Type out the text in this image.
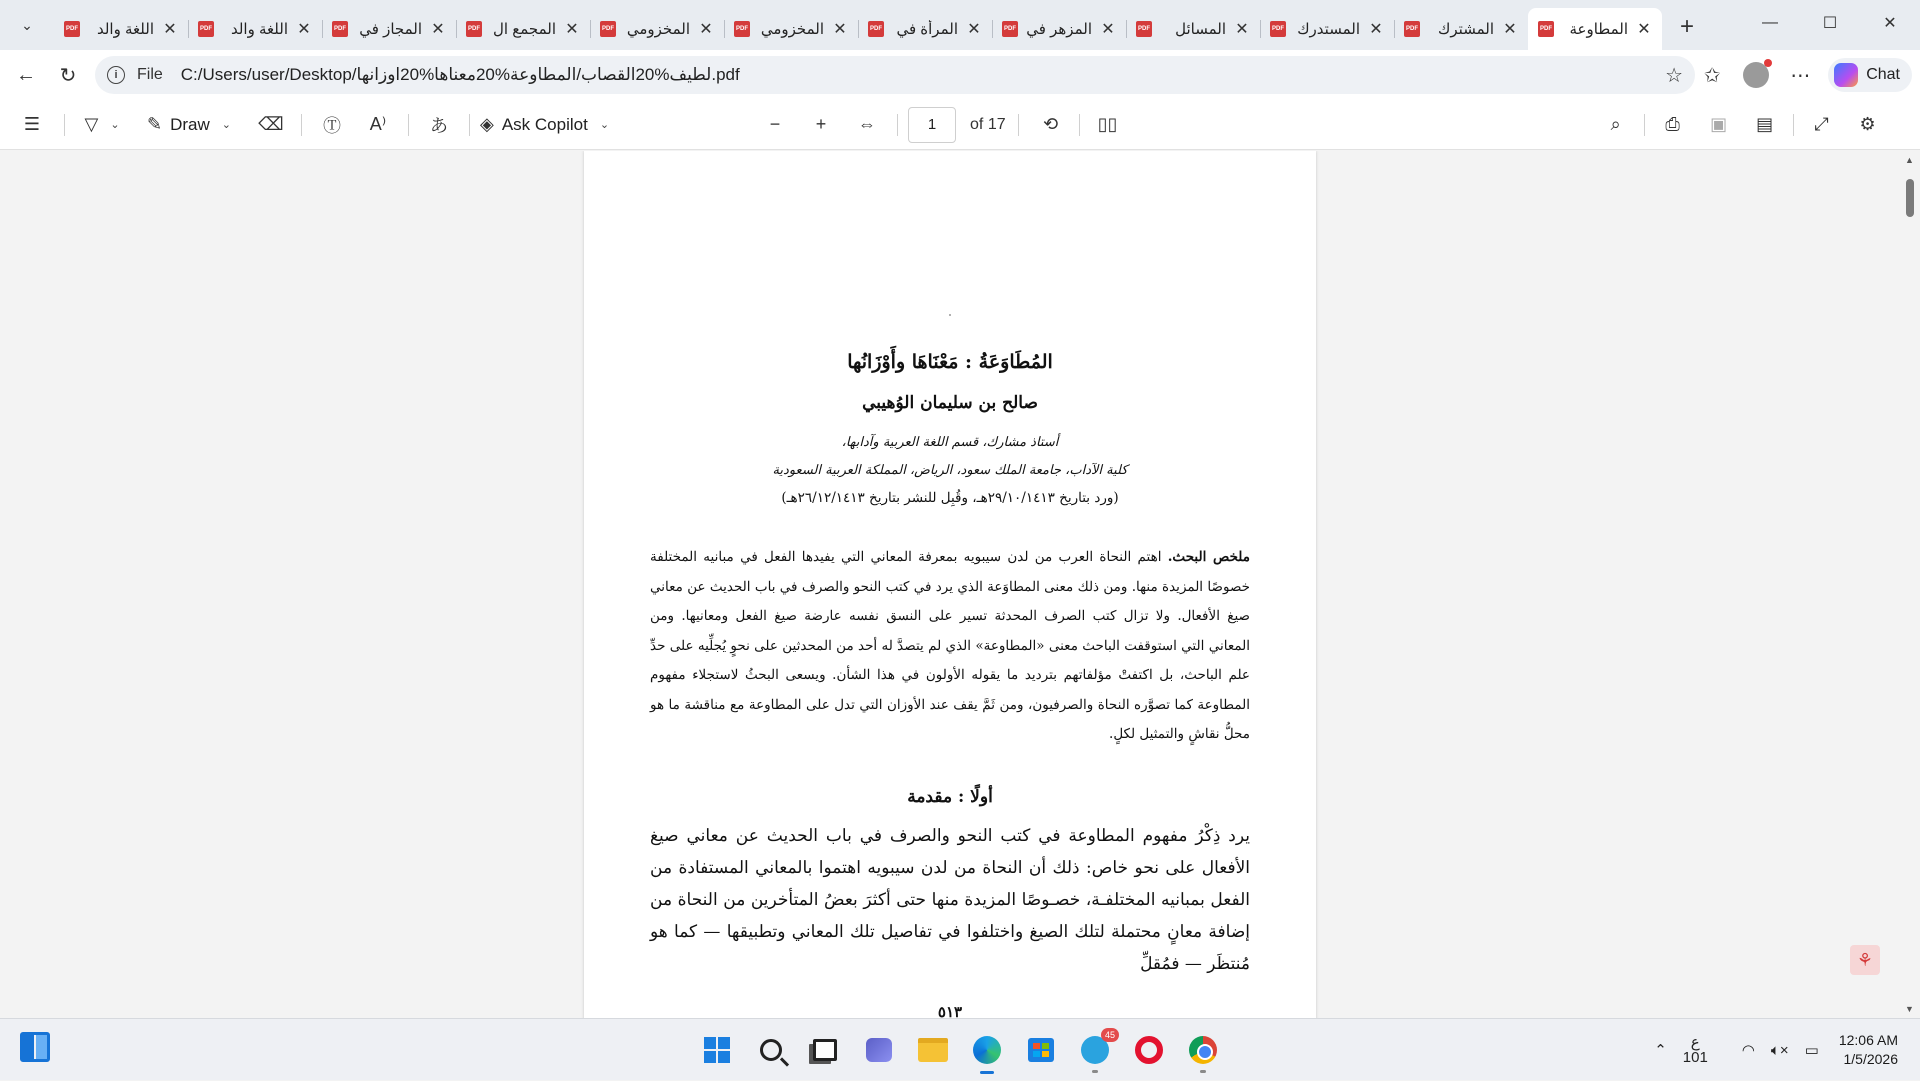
⌄	PDF	اللغة والد ✕	PDF	اللغة والد ✕	PDF المجاز في ✕	PDF المجمع ال ✕	PDF المخزومي ✕	PDF المخزومي ✕	PDF المرأة في ✕	PDF المزهر في ✕	PDF	المسائل ✕	PDF المستدرك ✕	PDF	المشترك ✕	PDF	المطاوعة ✕ +	—	☐	✕
← ↻	i	File C:/Users/user/Desktop/لطيف%20القصاب/المطاوعة%20معناها%20اوزانها.pdf	☆ ✩	⋯	Chat
☰ ▽ ⌄ ✎ Draw ⌄ ⌫ Ⓣ A⁾ あ ◈ Ask Copilot ⌄	− + ⇔
1	of 17 ⟲ ▯▯	⌕ ⎙ ▣ ▤ ⤢ ⚙
المُطَاوَعَةُ : مَعْنَاهَا وأَوْزَانُها
صالح بن سليمان الوُهيبي
أستاذ مشارك، قسم اللغة العربية وآدابها،
كلية الآداب، جامعة الملك سعود، الرياض، المملكة العربية السعودية
(ورد بتاريخ ٢٩/١٠/١٤١٣هـ، وقُبِل للنشر بتاريخ ٢٦/١٢/١٤١٣هـ)
ملخص البحث. اهتم النحاة العرب من لدن سيبويه بمعرفة المعاني التي يفيدها الفعل في مبانيه المختلفة خصوصًا المزيدة منها. ومن ذلك معنى المطاوَعة الذي يرد في كتب النحو والصرف في باب الحديث عن معاني صيغ الأفعال. ولا تزال كتب الصرف المحدثة تسير على النسق نفسه عارضة صيغ الفعل ومعانيها. ومن المعاني التي استوقفت الباحث معنى «المطاوعة» الذي لم يتصدَّ له أحد من المحدثين على نحوٍ يُجلِّيه على حدِّ علم الباحث، بل اكتفتْ مؤلفاتهم بترديد ما يقوله الأولون في هذا الشأن. ويسعى البحثُ لاستجلاء مفهوم المطاوعة كما تصوَّره النحاة والصرفيون، ومن ثَمَّ يقف عند الأوزان التي تدل على المطاوعة مع مناقشة ما هو محلُّ نقاشٍ والتمثيل لكلٍ.
أولًا : مقدمة
يرد ذِكْرُ مفهوم المطاوعة في كتب النحو والصرف في باب الحديث عن معاني صيغ الأفعال على نحو خاص: ذلك أن النحاة من لدن سيبويه اهتموا بالمعاني المستفادة من الفعل بمبانيه المختلفـة، خصـوصًا المزيدة منها حتى أكثرَ بعضُ المتأخرين من النحاة من إضافة معانٍ محتملة لتلك الصيغ واختلفوا في تفاصيل تلك المعاني وتطبيقها — كما هو مُنتظَر — فمُقلِّ
٥١٣
▲
▼
⚘
45
⌃ ع
101 ◠ 🔈︎× ▭
12:06 AM
1/5/2026
